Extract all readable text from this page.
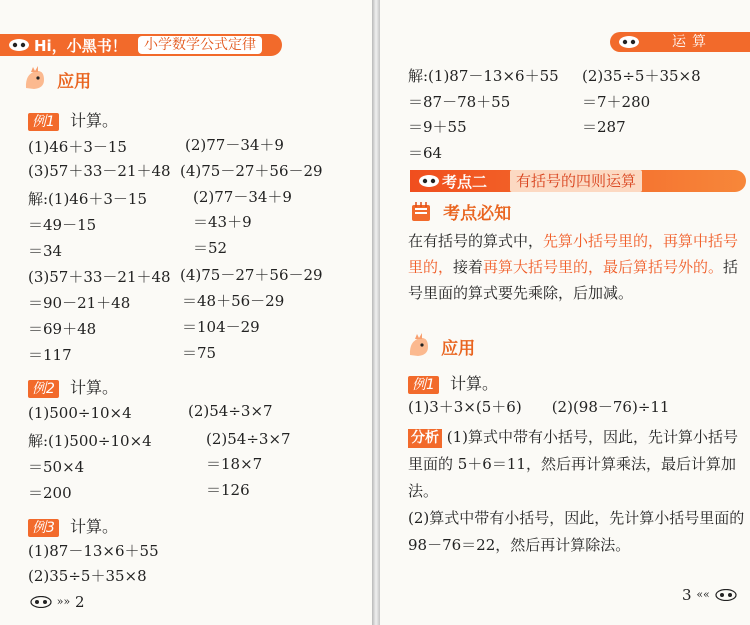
Hi，小黑书！	小学数学公式定律
应用
例1 计算。
(1)46＋3－15	(2)77－34＋9
(3)57＋33－21＋48 (4)75－27＋56－29
解:(1)46＋3－15
＝49－15
＝34
(2)77－34＋9
＝43＋9
＝52
(3)57＋33－21＋48
＝90－21＋48
＝69＋48
＝117
(4)75－27＋56－29
＝48＋56－29
＝104－29
＝75
例2 计算。
(1)500÷10×4	(2)54÷3×7
解:(1)500÷10×4
＝50×4
＝200
(2)54÷3×7
＝18×7
＝126
例3 计算。
(1)87－13×6＋55
(2)35÷5＋35×8
»» 2
运算
解:(1)87－13×6＋55
＝87－78＋55
＝9＋55
＝64
(2)35÷5＋35×8
＝7＋280
＝287
考点二	有括号的四则运算
考点必知
在有括号的算式中，先算小括号里的，再算中括号里的，接着再算大括号里的，最后算括号外的。括号里面的算式要先乘除，后加减。
应用
例1 计算。
(1)3＋3×(5＋6)　　(2)(98－76)÷11
分析 (1)算式中带有小括号，因此，先计算小括号里面的 5＋6＝11，然后再计算乘法，最后计算加法。
(2)算式中带有小括号，因此，先计算小括号里面的 98－76＝22，然后再计算除法。
3 ««
